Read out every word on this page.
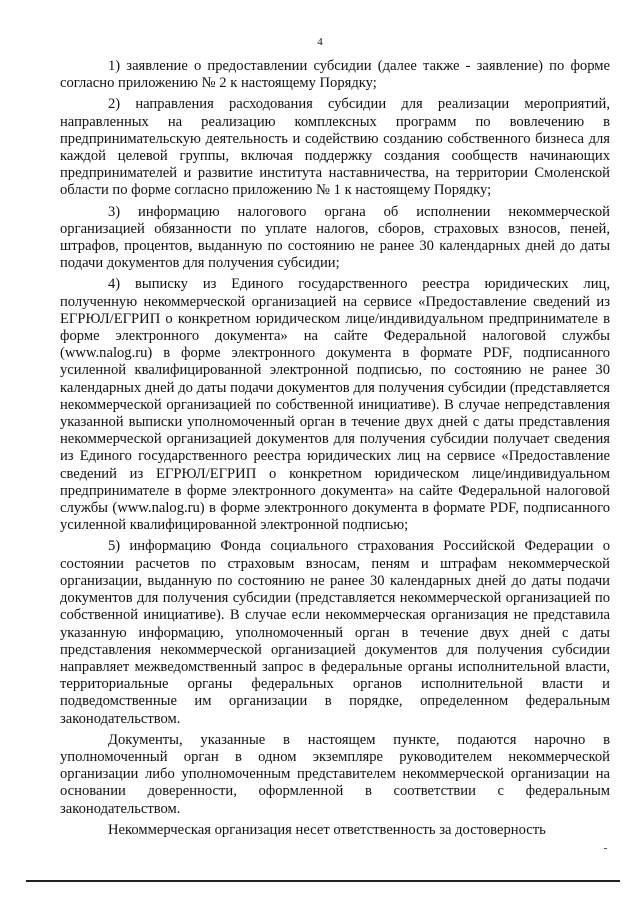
4

1) заявление о предоставлении субсидии (далее также - заявление) по форме согласно приложению № 2 к настоящему Порядку;

2) направления расходования субсидии для реализации мероприятий, направленных на реализацию комплексных программ по вовлечению в предпринимательскую деятельность и содействию созданию собственного бизнеса для каждой целевой группы, включая поддержку создания сообществ начинающих предпринимателей и развитие института наставничества, на территории Смоленской области по форме согласно приложению № 1 к настоящему Порядку;

3) информацию налогового органа об исполнении некоммерческой организацией обязанности по уплате налогов, сборов, страховых взносов, пеней, штрафов, процентов, выданную по состоянию не ранее 30 календарных дней до даты подачи документов для получения субсидии;

4) выписку из Единого государственного реестра юридических лиц, полученную некоммерческой организацией на сервисе «Предоставление сведений из ЕГРЮЛ/ЕГРИП о конкретном юридическом лице/индивидуальном предпринимателе в форме электронного документа» на сайте Федеральной налоговой службы (www.nalog.ru) в форме электронного документа в формате PDF, подписанного усиленной квалифицированной электронной подписью, по состоянию не ранее 30 календарных дней до даты подачи документов для получения субсидии (представляется некоммерческой организацией по собственной инициативе). В случае непредставления указанной выписки уполномоченный орган в течение двух дней с даты представления некоммерческой организацией документов для получения субсидии получает сведения из Единого государственного реестра юридических лиц на сервисе «Предоставление сведений из ЕГРЮЛ/ЕГРИП о конкретном юридическом лице/индивидуальном предпринимателе в форме электронного документа» на сайте Федеральной налоговой службы (www.nalog.ru) в форме электронного документа в формате PDF, подписанного усиленной квалифицированной электронной подписью;

5) информацию Фонда социального страхования Российской Федерации о состоянии расчетов по страховым взносам, пеням и штрафам некоммерческой организации, выданную по состоянию не ранее 30 календарных дней до даты подачи документов для получения субсидии (представляется некоммерческой организацией по собственной инициативе). В случае если некоммерческая организация не представила указанную информацию, уполномоченный орган в течение двух дней с даты представления некоммерческой организацией документов для получения субсидии направляет межведомственный запрос в федеральные органы исполнительной власти, территориальные органы федеральных органов исполнительной власти и подведомственные им организации в порядке, определенном федеральным законодательством.

Документы, указанные в настоящем пункте, подаются нарочно в уполномоченный орган в одном экземпляре руководителем некоммерческой организации либо уполномоченным представителем некоммерческой организации на основании доверенности, оформленной в соответствии с федеральным законодательством.

Некоммерческая организация несет ответственность за достоверность
